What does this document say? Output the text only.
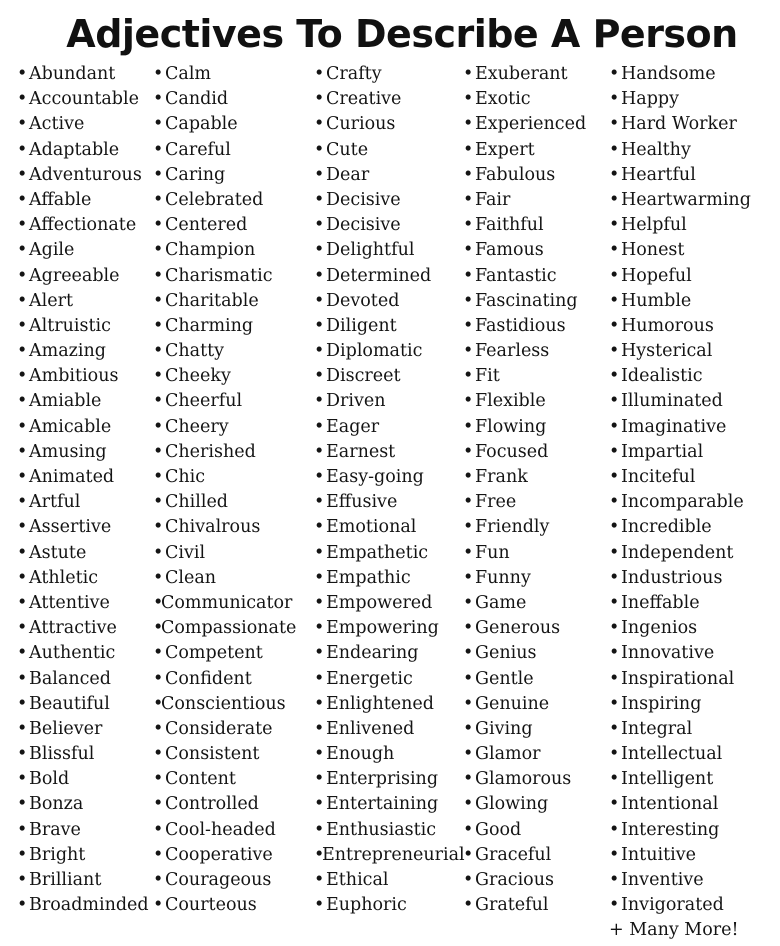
Adjectives To Describe A Person
•Abundant
•Accountable
•Active
•Adaptable
•Adventurous
•Affable
•Affectionate
•Agile
•Agreeable
•Alert
•Altruistic
•Amazing
•Ambitious
•Amiable
•Amicable
•Amusing
•Animated
•Artful
•Assertive
•Astute
•Athletic
•Attentive
•Attractive
•Authentic
•Balanced
•Beautiful
•Believer
•Blissful
•Bold
•Bonza
•Brave
•Bright
•Brilliant
•Broadminded
•Calm
•Candid
•Capable
•Careful
•Caring
•Celebrated
•Centered
•Champion
•Charismatic
•Charitable
•Charming
•Chatty
•Cheeky
•Cheerful
•Cheery
•Cherished
•Chic
•Chilled
•Chivalrous
•Civil
•Clean
•Communicator
•Compassionate
•Competent
•Confident
•Conscientious
•Considerate
•Consistent
•Content
•Controlled
•Cool-headed
•Cooperative
•Courageous
•Courteous
•Crafty
•Creative
•Curious
•Cute
•Dear
•Decisive
•Decisive
•Delightful
•Determined
•Devoted
•Diligent
•Diplomatic
•Discreet
•Driven
•Eager
•Earnest
•Easy-going
•Effusive
•Emotional
•Empathetic
•Empathic
•Empowered
•Empowering
•Endearing
•Energetic
•Enlightened
•Enlivened
•Enough
•Enterprising
•Entertaining
•Enthusiastic
•Entrepreneurial
•Ethical
•Euphoric
•Exuberant
•Exotic
•Experienced
•Expert
•Fabulous
•Fair
•Faithful
•Famous
•Fantastic
•Fascinating
•Fastidious
•Fearless
•Fit
•Flexible
•Flowing
•Focused
•Frank
•Free
•Friendly
•Fun
•Funny
•Game
•Generous
•Genius
•Gentle
•Genuine
•Giving
•Glamor
•Glamorous
•Glowing
•Good
•Graceful
•Gracious
•Grateful
•Handsome
•Happy
•Hard Worker
•Healthy
•Heartful
•Heartwarming
•Helpful
•Honest
•Hopeful
•Humble
•Humorous
•Hysterical
•Idealistic
•Illuminated
•Imaginative
•Impartial
•Inciteful
•Incomparable
•Incredible
•Independent
•Industrious
•Ineffable
•Ingenios
•Innovative
•Inspirational
•Inspiring
•Integral
•Intellectual
•Intelligent
•Intentional
•Interesting
•Intuitive
•Inventive
•Invigorated
+ Many More!
